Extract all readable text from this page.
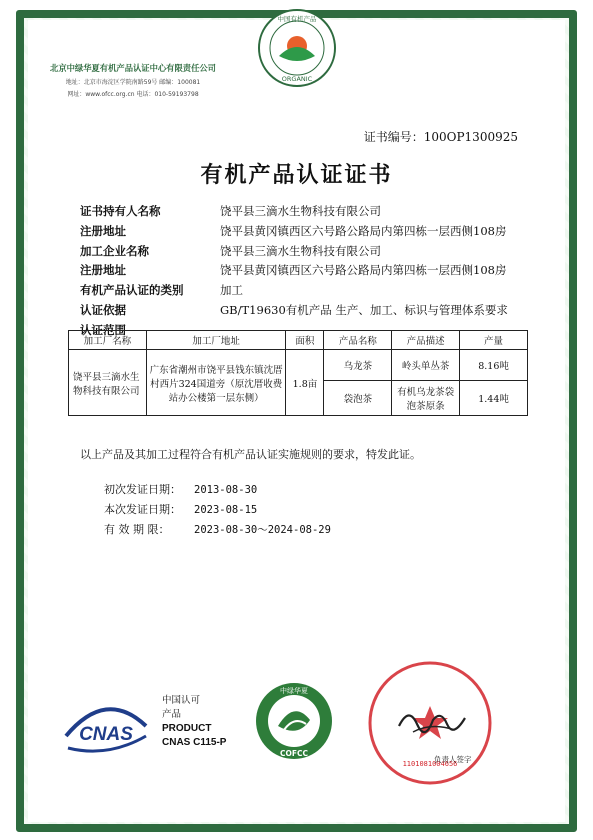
北京中绿华夏有机产品认证中心有限责任公司
地址：北京市海淀区学院南路59号 邮编：100081
网址：www.ofcc.org.cn 电话：010-59193798
中国有机产品
ORGANIC
证书编号：100OP1300925
有机产品认证证书
证书持有人名称	饶平县三滴水生物科技有限公司
注册地址	饶平县黄冈镇西区六号路公路局内第四栋一层西侧108房
加工企业名称	饶平县三滴水生物科技有限公司
注册地址	饶平县黄冈镇西区六号路公路局内第四栋一层西侧108房
有机产品认证的类别	加工
认证依据	GB/T19630有机产品 生产、加工、标识与管理体系要求
认证范围
加工厂名称	加工厂地址	面积	产品名称	产品描述	产量
饶平县三滴水生物科技有限公司	广东省潮州市饶平县钱东镇沈厝村西片324国道旁（原沈厝收费站办公楼第一层东侧）	1.8亩	乌龙茶	岭头单丛茶	8.16吨
			袋泡茶	有机乌龙茶袋泡茶原条	1.44吨
以上产品及其加工过程符合有机产品认证实施规则的要求，特发此证。
初次发证日期： 2013-08-30
本次发证日期： 2023-08-15
有 效 期 限： 2023-08-30～2024-08-29
CNAS
中国认可
产品
PRODUCT
CNAS C115-P
中绿华夏
COFCC
1101081004656
负责人签字
